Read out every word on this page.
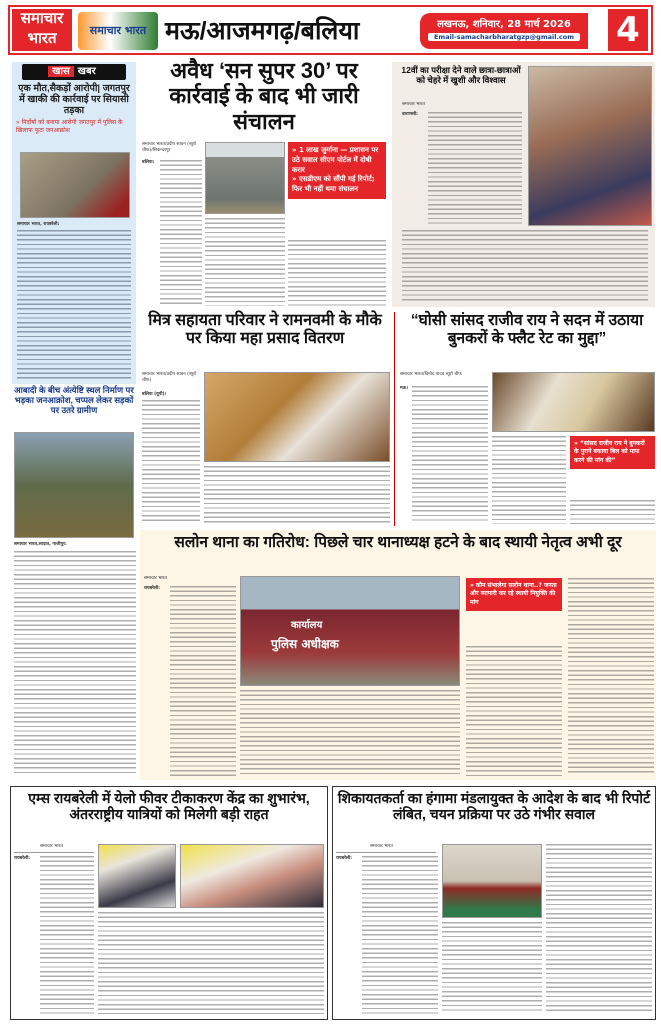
समाचार
भारत	समाचार भारत मऊ/आजमगढ़/बलिया	लखनऊ, शनिवार, 28 मार्च 2026
Email-samacharbharatgzp@gmail.com 4
खास खबर
एक मौत,सैकड़ों आरोपी| जगतपुर में खाकी की कार्रवाई पर सियासी तड़का
» निर्दोषों को बनाया आरोपी जगतपुर में पुलिस के खिलाफ फूटा जनआक्रोश
समाचार भारत, रायबरेली:
आबादी के बीच अंत्येष्टि स्थल निर्माण पर भड़का जनआक्रोश, चप्पल लेकर सड़कों पर उतरे ग्रामीण
समाचार भारत,सादात, गाजीपुर:
अवैध ‘सन सुपर 30’ पर कार्रवाई के बाद भी जारी संचालन
समाचार भारत/प्रदीप सावन (ब्यूरो चीफ)/सिकन्दरपुर
बलिया:
» 1 लाख जुर्माना — प्रशासन पर उठे सवाल सीएम पोर्टल में दोषी करार
» एसडीएम को सौंपी गई रिपोर्ट; फिर भी नहीं थमा संचालन
12वीं का परीक्षा देने वाले छात्रा-छात्राओं को चेहरे में खुशी और विश्वास
समाचार भारत
वाराणसी:
मित्र सहायता परिवार ने रामनवमी के मौके पर किया महा प्रसाद वितरण
समाचार भारत/प्रदीप सावन (ब्यूरो चीफ)
बलिया (यूपी)।
“घोसी सांसद राजीव राय ने सदन में उठाया बुनकरों के फ्लैट रेट का मुद्दा”
समाचार भारत/विनोद यादव ब्यूरो चीफ
मऊ।
» “सांसद राजीव राय ने बुनकरों के पुराने बकाया बिल को माफ करने की मांग की”
सलोन थाना का गतिरोध: पिछले चार थानाध्यक्ष हटने के बाद स्थायी नेतृत्व अभी दूर
समाचार भारत
रायबरेली:
कार्यालय
पुलिस अधीक्षक
» कौन संभालेगा सलोन थाना..? जनता और व्यापारी कर रहे स्थायी नियुक्ति की मांग
एम्स रायबरेली में येलो फीवर टीकाकरण केंद्र का शुभारंभ, अंतरराष्ट्रीय यात्रियों को मिलेगी बड़ी राहत
समाचार भारत
रायबरेली:
शिकायतकर्ता का हंगामा मंडलायुक्त के आदेश के बाद भी रिपोर्ट लंबित, चयन प्रक्रिया पर उठे गंभीर सवाल
समाचार भारत
रायबरेली:
